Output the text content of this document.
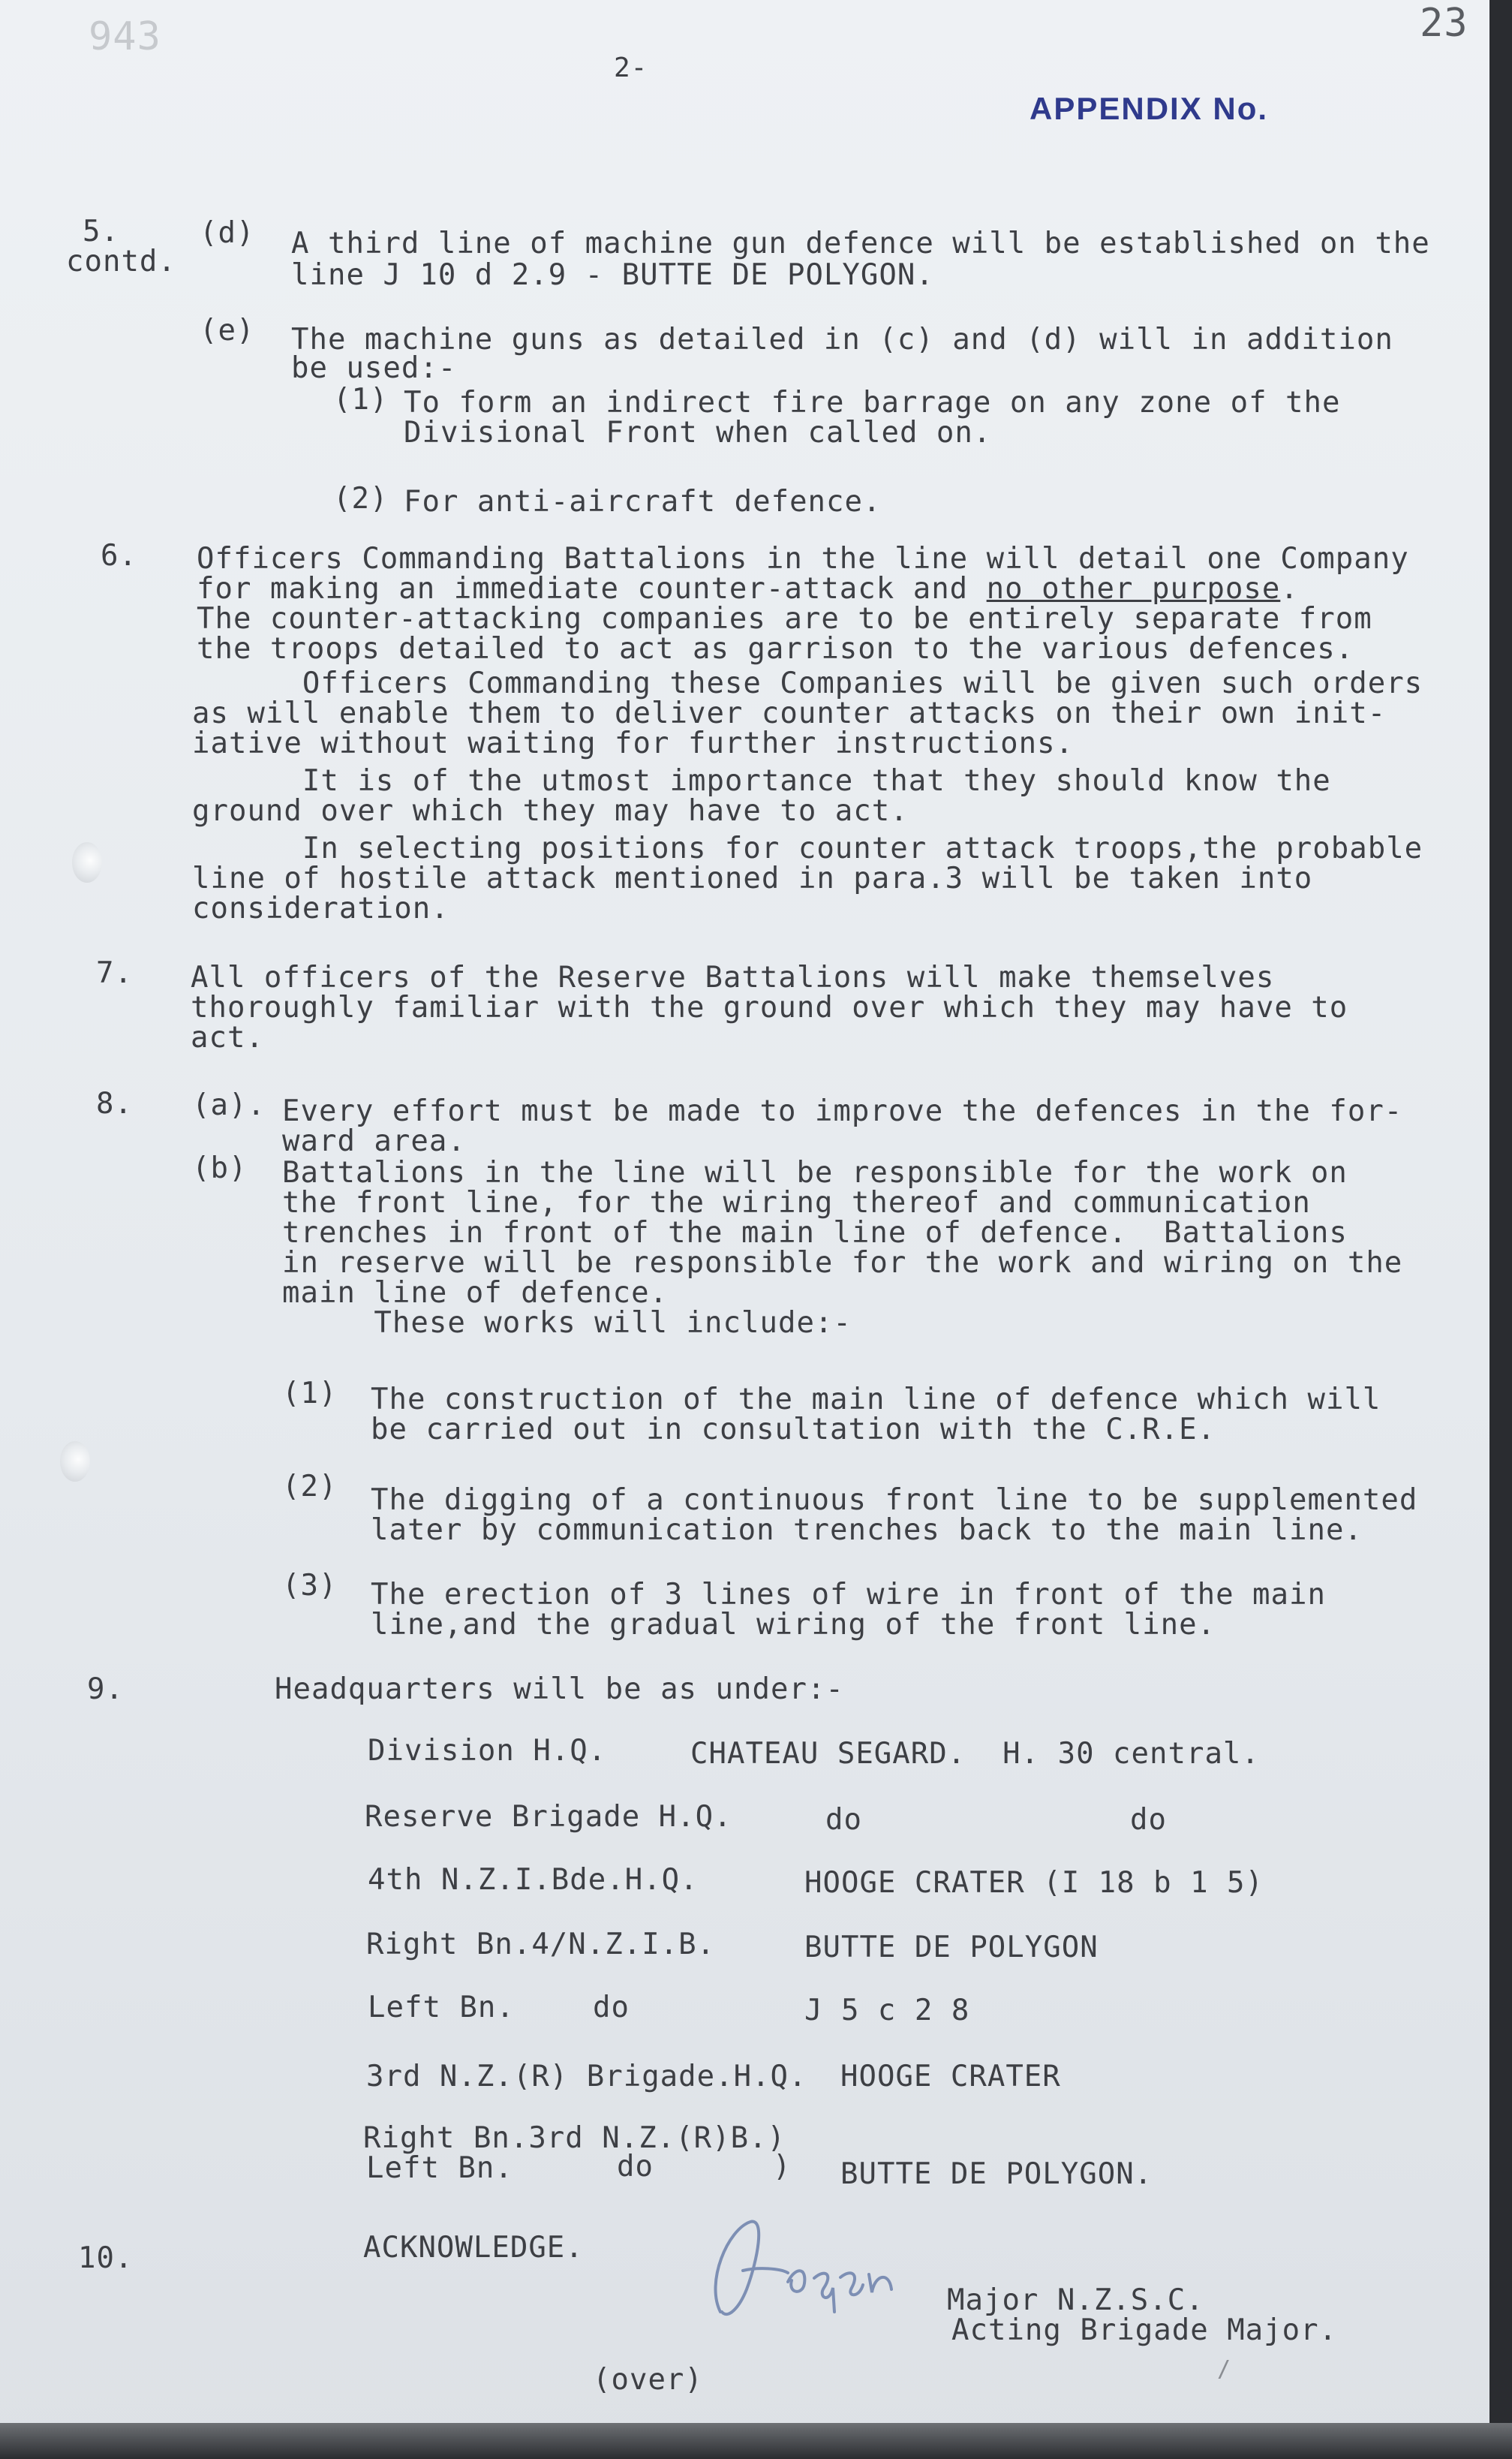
943	23
2-
APPENDIX No.
5.
contd.
(d) A third line of machine gun defence will be established on the
line J 10 d 2.9 - BUTTE DE POLYGON.
(e) The machine guns as detailed in (c) and (d) will in addition
be used:-
(1) To form an indirect fire barrage on any zone of the
Divisional Front when called on.
(2) For anti-aircraft defence.
6. Officers Commanding Battalions in the line will detail one Company
for making an immediate counter-attack and no other purpose.
The counter-attacking companies are to be entirely separate from
the troops detailed to act as garrison to the various defences.
Officers Commanding these Companies will be given such orders
as will enable them to deliver counter attacks on their own init-
iative without waiting for further instructions.
It is of the utmost importance that they should know the
ground over which they may have to act.
In selecting positions for counter attack troops,the probable
line of hostile attack mentioned in para.3 will be taken into
consideration.
7. All officers of the Reserve Battalions will make themselves
thoroughly familiar with the ground over which they may have to
act.
8. (a). Every effort must be made to improve the defences in the for-
ward area.
(b) Battalions in the line will be responsible for the work on
the front line, for the wiring thereof and communication
trenches in front of the main line of defence.  Battalions
in reserve will be responsible for the work and wiring on the
main line of defence.
These works will include:-
(1) The construction of the main line of defence which will
be carried out in consultation with the C.R.E.
(2) The digging of a continuous front line to be supplemented
later by communication trenches back to the main line.
(3) The erection of 3 lines of wire in front of the main
line,and the gradual wiring of the front line.
9.	Headquarters will be as under:-
Division H.Q.	CHATEAU SEGARD.  H. 30 central.
Reserve Brigade H.Q.	do	do
4th N.Z.I.Bde.H.Q.	HOOGE CRATER (I 18 b 1 5)
Right Bn.4/N.Z.I.B.	BUTTE DE POLYGON
Left Bn.	do	J 5 c 2 8
3rd N.Z.(R) Brigade.H.Q. HOOGE CRATER
Right Bn.3rd N.Z.(R)B.)
Left Bn.	do	) BUTTE DE POLYGON.
10.	ACKNOWLEDGE.
Major N.Z.S.C.
Acting Brigade Major.
(over)	/
